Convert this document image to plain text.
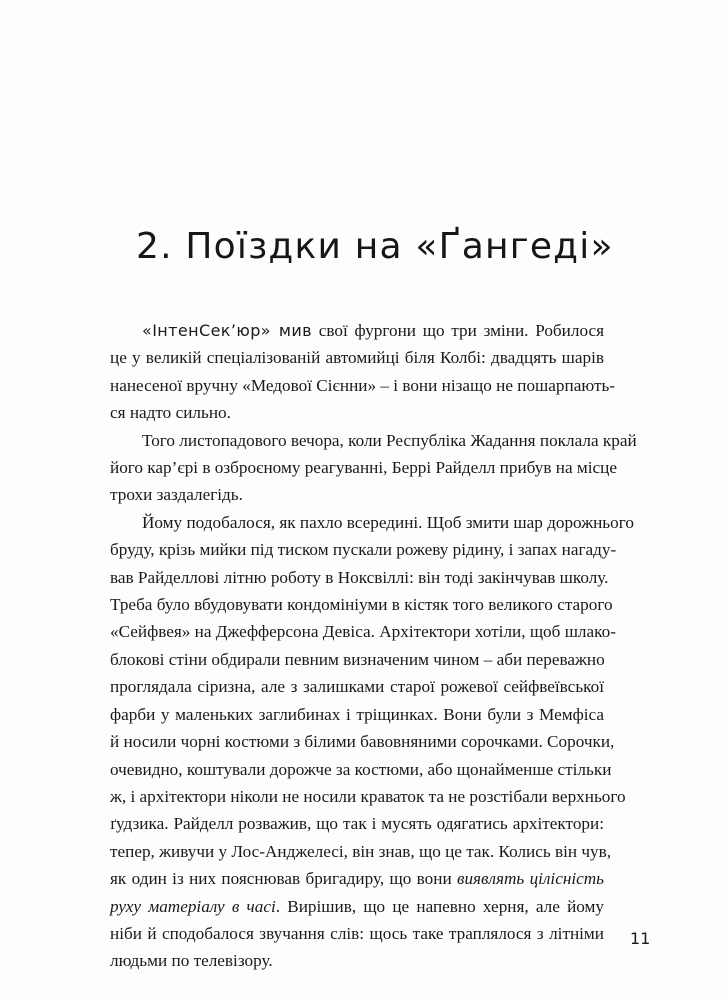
2. Поїздки на «Ґангеді»

«ІнтенСек’юр» мив свої фургони що три зміни. Робилося
це у великій спеціалізованій автомийці біля Колбі: двадцять шарів
нанесеної вручну «Медової Сієнни» – і вони нізащо не пошарпають-
ся надто сильно.

Того листопадового вечора, коли Республіка Жадання поклала край
його кар’єрі в озброєному реагуванні, Беррі Райделл прибув на місце
трохи заздалегідь.

Йому подобалося, як пахло всередині. Щоб змити шар дорожнього
бруду, крізь мийки під тиском пускали рожеву рідину, і запах нагаду-
вав Райделлові літню роботу в Ноксвіллі: він тоді закінчував школу.
Треба було вбудовувати кондомініуми в кістяк того великого старого
«Сейфвея» на Джефферсона Девіса. Архітектори хотіли, щоб шлако-
блокові стіни обдирали певним визначеним чином – аби переважно
проглядала сіризна, але з залишками старої рожевої сейфвеївської
фарби у маленьких заглибинах і тріщинках. Вони були з Мемфіса
й носили чорні костюми з білими бавовняними сорочками. Сорочки,
очевидно, коштували дорожче за костюми, або щонайменше стільки
ж, і архітектори ніколи не носили краваток та не розстібали верхнього
ґудзика. Райделл розважив, що так і мусять одягатись архітектори:
тепер, живучи у Лос-Анджелесі, він знав, що це так. Колись він чув,
як один із них пояснював бригадиру, що вони виявлять цілісність
руху матеріалу в часі. Вирішив, що це напевно херня, але йому
ніби й сподобалося звучання слів: щось таке траплялося з літніми
людьми по телевізору.

11
